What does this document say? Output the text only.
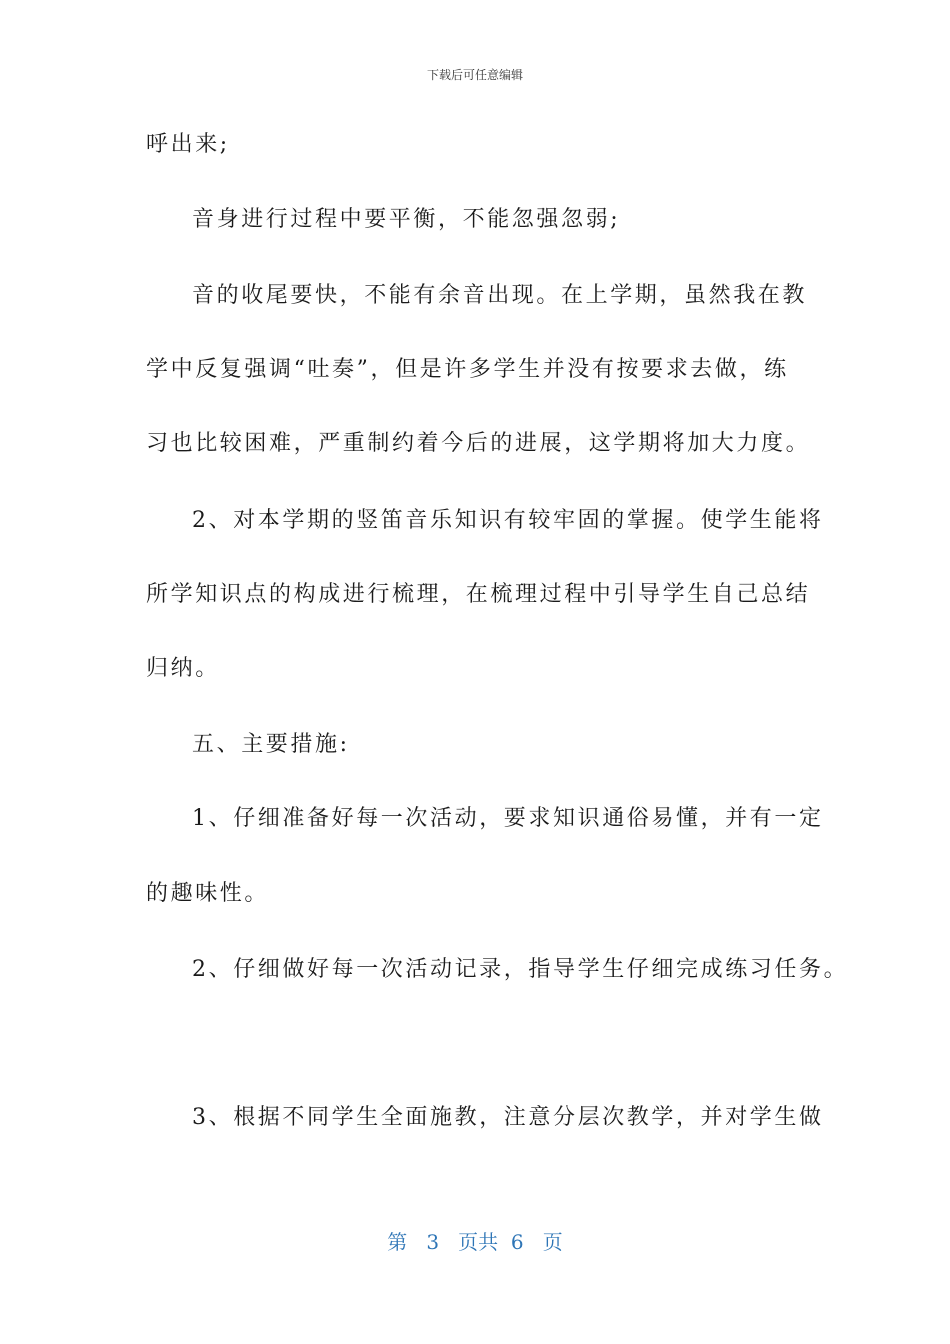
下载后可任意编辑
呼出来;
音身进行过程中要平衡，不能忽强忽弱;
音的收尾要快，不能有余音出现。在上学期，虽然我在教
学中反复强调“吐奏”，但是许多学生并没有按要求去做，练
习也比较困难，严重制约着今后的进展，这学期将加大力度。
2、对本学期的竖笛音乐知识有较牢固的掌握。使学生能将
所学知识点的构成进行梳理，在梳理过程中引导学生自己总结
归纳。
五、主要措施:
1、仔细准备好每一次活动，要求知识通俗易懂，并有一定
的趣味性。
2、仔细做好每一次活动记录，指导学生仔细完成练习任务。
3、根据不同学生全面施教，注意分层次教学，并对学生做
第 3 页共 6 页
